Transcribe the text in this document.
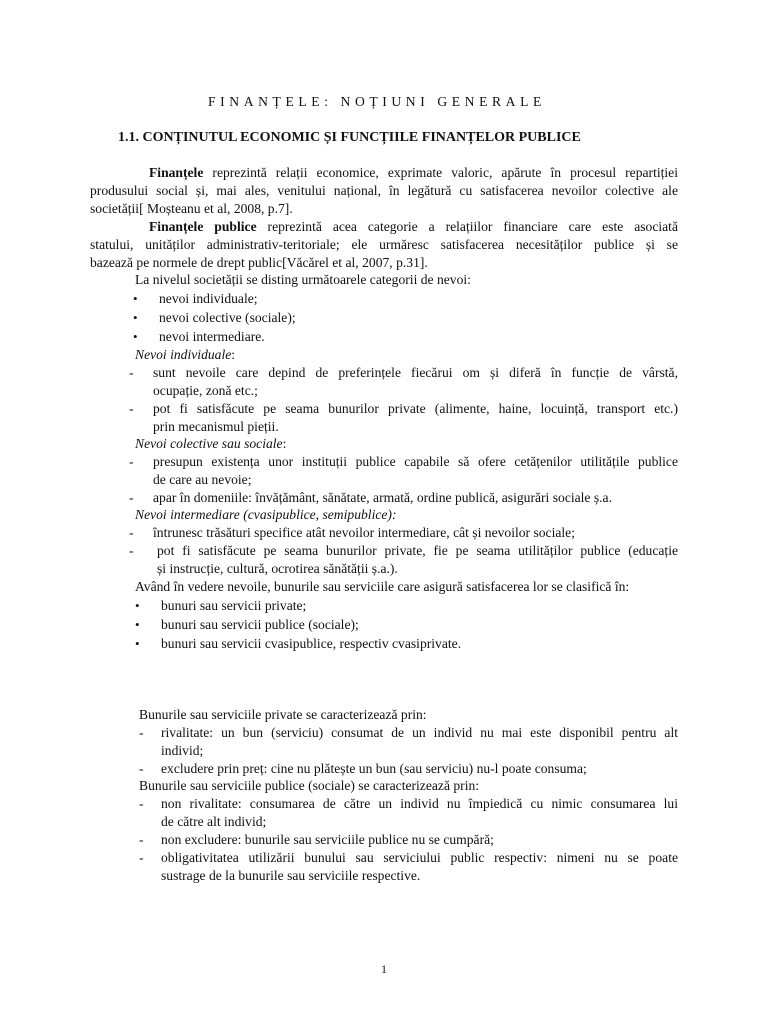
FINANȚELE: NOȚIUNI GENERALE
1.1. CONȚINUTUL ECONOMIC ȘI FUNCȚIILE FINANȚELOR PUBLICE
Finanțele reprezintă relații economice, exprimate valoric, apărute în procesul repartiției
produsului social și, mai ales, venitului național, în legătură cu satisfacerea nevoilor colective ale
societății[ Moșteanu et al, 2008, p.7].
Finanțele publice reprezintă acea categorie a relațiilor financiare care este asociată
statului, unităților administrativ-teritoriale; ele urmăresc satisfacerea necesităților publice și se
bazează pe normele de drept public[Văcărel et al, 2007, p.31].
La nivelul societății se disting următoarele categorii de nevoi:
• nevoi individuale;
• nevoi colective (sociale);
• nevoi intermediare.
Nevoi individuale:
- sunt nevoile care depind de preferințele fiecărui om și diferă în funcție de vârstă,
ocupație, zonă etc.;
- pot fi satisfăcute pe seama bunurilor private (alimente, haine, locuință, transport etc.)
prin mecanismul pieții.
Nevoi colective sau sociale:
- presupun existența unor instituții publice capabile să ofere cetățenilor utilitățile publice
de care au nevoie;
- apar în domeniile: învățământ, sănătate, armată, ordine publică, asigurări sociale ș.a.
Nevoi intermediare (cvasipublice, semipublice):
- întrunesc trăsături specifice atât nevoilor intermediare, cât și nevoilor sociale;
- pot fi satisfăcute pe seama bunurilor private, fie pe seama utilităților publice (educație
și instrucție, cultură, ocrotirea sănătății ș.a.).
Având în vedere nevoile, bunurile sau serviciile care asigură satisfacerea lor se clasifică în:
• bunuri sau servicii private;
• bunuri sau servicii publice (sociale);
• bunuri sau servicii cvasipublice, respectiv cvasiprivate.
Bunurile sau serviciile private se caracterizează prin:
- rivalitate: un bun (serviciu) consumat de un individ nu mai este disponibil pentru alt
individ;
- excludere prin preț: cine nu plătește un bun (sau serviciu) nu-l poate consuma;
Bunurile sau serviciile publice (sociale) se caracterizează prin:
- non rivalitate: consumarea de către un individ nu împiedică cu nimic consumarea lui
de către alt individ;
- non excludere: bunurile sau serviciile publice nu se cumpără;
- obligativitatea utilizării bunului sau serviciului public respectiv: nimeni nu se poate
sustrage de la bunurile sau serviciile respective.
1
